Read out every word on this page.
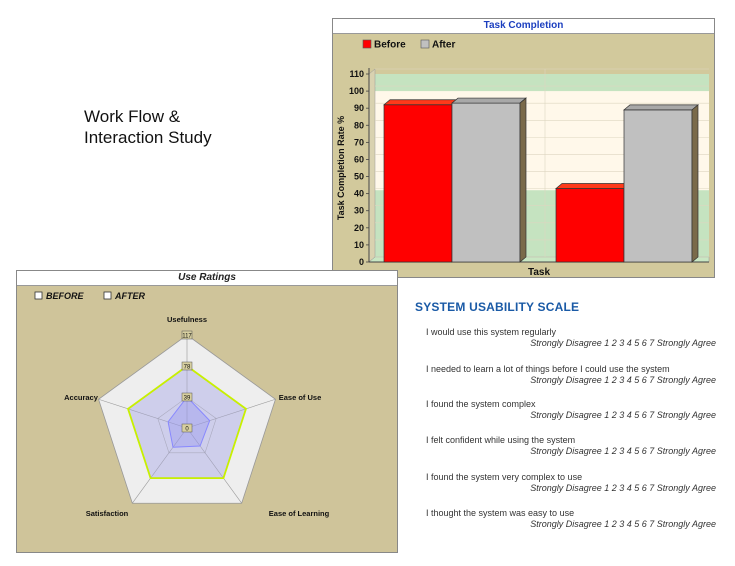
Work Flow &
Interaction Study
Task Completion
0
10
20
30
40
50
60
70
80
90
100
110
Task Completion Rate %
Task
Before	After
Use Ratings
BEFORE	AFTER
117
78
39
0
Usefulness
Ease of Use
Ease of Learning
Satisfaction
Accuracy
SYSTEM USABILITY SCALE
I would use this system regularly
Strongly Disagree 1 2 3 4 5 6 7 Strongly Agree
I needed to learn a lot of things before I could use the system
Strongly Disagree 1 2 3 4 5 6 7 Strongly Agree
I found the system complex
Strongly Disagree 1 2 3 4 5 6 7 Strongly Agree
I felt confident while using the system
Strongly Disagree 1 2 3 4 5 6 7 Strongly Agree
I found the system very complex to use
Strongly Disagree 1 2 3 4 5 6 7 Strongly Agree
I thought the system was easy to use
Strongly Disagree 1 2 3 4 5 6 7 Strongly Agree
